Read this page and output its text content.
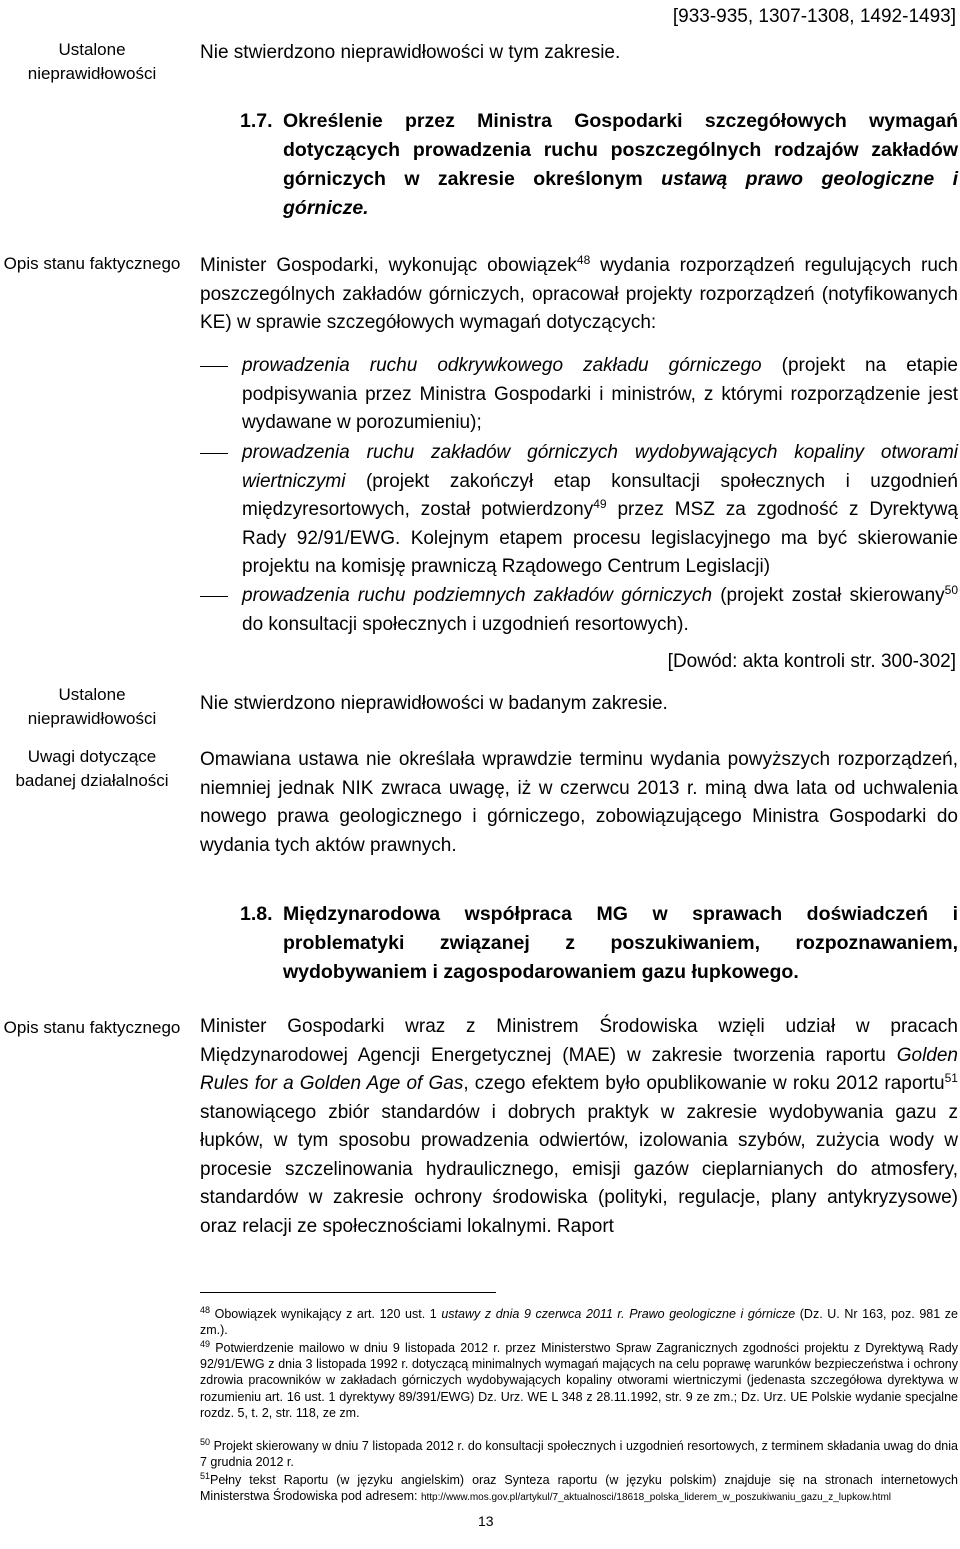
Ustalone nieprawidłowości
[933-935, 1307-1308, 1492-1493]
Nie stwierdzono nieprawidłowości w tym zakresie.
1.7. Określenie przez Ministra Gospodarki szczegółowych wymagań dotyczących prowadzenia ruchu poszczególnych rodzajów zakładów górniczych w zakresie określonym ustawą prawo geologiczne i górnicze.
Opis stanu faktycznego Minister Gospodarki, wykonując obowiązek$^{48}$ wydania rozporządzeń regulujących ruch poszczególnych zakładów górniczych, opracował projekty rozporządzeń (notyfikowanych KE) w sprawie szczegółowych wymagań dotyczących:
prowadzenia ruchu odkrywkowego zakładu górniczego (projekt na etapie podpisywania przez Ministra Gospodarki i ministrów, z którymi rozporządzenie jest wydawane w porozumieniu);
prowadzenia ruchu zakładów górniczych wydobywających kopaliny otworami wiertniczymi (projekt zakończył etap konsultacji społecznych i uzgodnień międzyresortowych, został potwierdzony$^{49}$ przez MSZ za zgodność z Dyrektywą Rady 92/91/EWG. Kolejnym etapem procesu legislacyjnego ma być skierowanie projektu na komisję prawniczą Rządowego Centrum Legislacji)
prowadzenia ruchu podziemnych zakładów górniczych (projekt został skierowany$^{50}$ do konsultacji społecznych i uzgodnień resortowych).
[Dowód: akta kontroli str. 300-302]
Ustalone nieprawidłowości
Nie stwierdzono nieprawidłowości w badanym zakresie.
Uwagi dotyczące badanej działalności
Omawiana ustawa nie określała wprawdzie terminu wydania powyższych rozporządzeń, niemniej jednak NIK zwraca uwagę, iż w czerwcu 2013 r. miną dwa lata od uchwalenia nowego prawa geologicznego i górniczego, zobowiązującego Ministra Gospodarki do wydania tych aktów prawnych.
1.8. Międzynarodowa współpraca MG w sprawach doświadczeń i problematyki związanej z poszukiwaniem, rozpoznawaniem, wydobywaniem i zagospodarowaniem gazu łupkowego.
Opis stanu faktycznego Minister Gospodarki wraz z Ministrem Środowiska wzięli udział w pracach Międzynarodowej Agencji Energetycznej (MAE) w zakresie tworzenia raportu Golden Rules for a Golden Age of Gas, czego efektem było opublikowanie w roku 2012 raportu$^{51}$ stanowiącego zbiór standardów i dobrych praktyk w zakresie wydobywania gazu z łupków, w tym sposobu prowadzenia odwiertów, izolowania szybów, zużycia wody w procesie szczelinowania hydraulicznego, emisji gazów cieplarnianych do atmosfery, standardów w zakresie ochrony środowiska (polityki, regulacje, plany antykryzysowe) oraz relacji ze społecznościami lokalnymi. Raport
$^{48}$ Obowiązek wynikający z art. 120 ust. 1 ustawy z dnia 9 czerwca 2011 r. Prawo geologiczne i górnicze (Dz. U. Nr 163, poz. 981 ze zm.).
$^{49}$ Potwierdzenie mailowo w dniu 9 listopada 2012 r. przez Ministerstwo Spraw Zagranicznych zgodności projektu z Dyrektywą Rady 92/91/EWG z dnia 3 listopada 1992 r. dotyczącą minimalnych wymagań mających na celu poprawę warunków bezpieczeństwa i ochrony zdrowia pracowników w zakładach górniczych wydobywających kopaliny otworami wiertniczymi (jedenasta szczegółowa dyrektywa w rozumieniu art. 16 ust. 1 dyrektywy 89/391/EWG) Dz. Urz. WE L 348 z 28.11.1992, str. 9 ze zm.; Dz. Urz. UE Polskie wydanie specjalne rozdz. 5, t. 2, str. 118, ze zm.
$^{50}$ Projekt skierowany w dniu 7 listopada 2012 r. do konsultacji społecznych i uzgodnień resortowych, z terminem składania uwag do dnia 7 grudnia 2012 r.
$^{51}$Pełny tekst Raportu (w języku angielskim) oraz Synteza raportu (w języku polskim) znajduje się na stronach internetowych Ministerstwa Środowiska pod adresem: http://www.mos.gov.pl/artykul/7_aktualnosci/18618_polska_liderem_w_poszukiwaniu_gazu_z_lupkow.html
13
